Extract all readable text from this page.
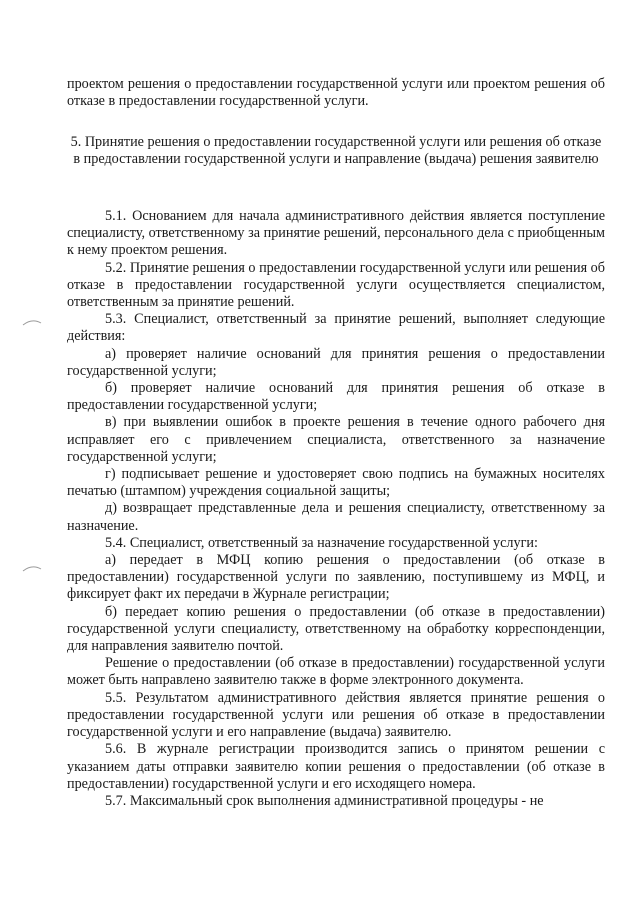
проектом решения о предоставлении государственной услуги или проектом решения об отказе в предоставлении государственной услуги.

5. Принятие решения о предоставлении государственной услуги или решения об отказе в предоставлении государственной услуги и направление (выдача) решения заявителю

5.1. Основанием для начала административного действия является поступление специалисту, ответственному за принятие решений, персонального дела с приобщенным к нему проектом решения.

5.2. Принятие решения о предоставлении государственной услуги или решения об отказе в предоставлении государственной услуги осуществляется специалистом, ответственным за принятие решений.

5.3. Специалист, ответственный за принятие решений, выполняет следующие действия:

а) проверяет наличие оснований для принятия решения о предоставлении государственной услуги;

б) проверяет наличие оснований для принятия решения об отказе в предоставлении государственной услуги;

в) при выявлении ошибок в проекте решения в течение одного рабочего дня исправляет его с привлечением специалиста, ответственного за назначение государственной услуги;

г) подписывает решение и удостоверяет свою подпись на бумажных носителях печатью (штампом) учреждения социальной защиты;

д) возвращает представленные дела и решения специалисту, ответственному за назначение.

5.4. Специалист, ответственный за назначение государственной услуги:

а) передает в МФЦ копию решения о предоставлении (об отказе в предоставлении) государственной услуги по заявлению, поступившему из МФЦ, и фиксирует факт их передачи в Журнале регистрации;

б) передает копию решения о предоставлении (об отказе в предоставлении) государственной услуги специалисту, ответственному на обработку корреспонденции, для направления заявителю почтой.

Решение о предоставлении (об отказе в предоставлении) государственной услуги может быть направлено заявителю также в форме электронного документа.

5.5. Результатом административного действия является принятие решения о предоставлении государственной услуги или решения об отказе в предоставлении государственной услуги и его направление (выдача) заявителю.

5.6. В журнале регистрации производится запись о принятом решении с указанием даты отправки заявителю копии решения о предоставлении (об отказе в предоставлении) государственной услуги и его исходящего номера.

5.7. Максимальный срок выполнения административной процедуры - не
